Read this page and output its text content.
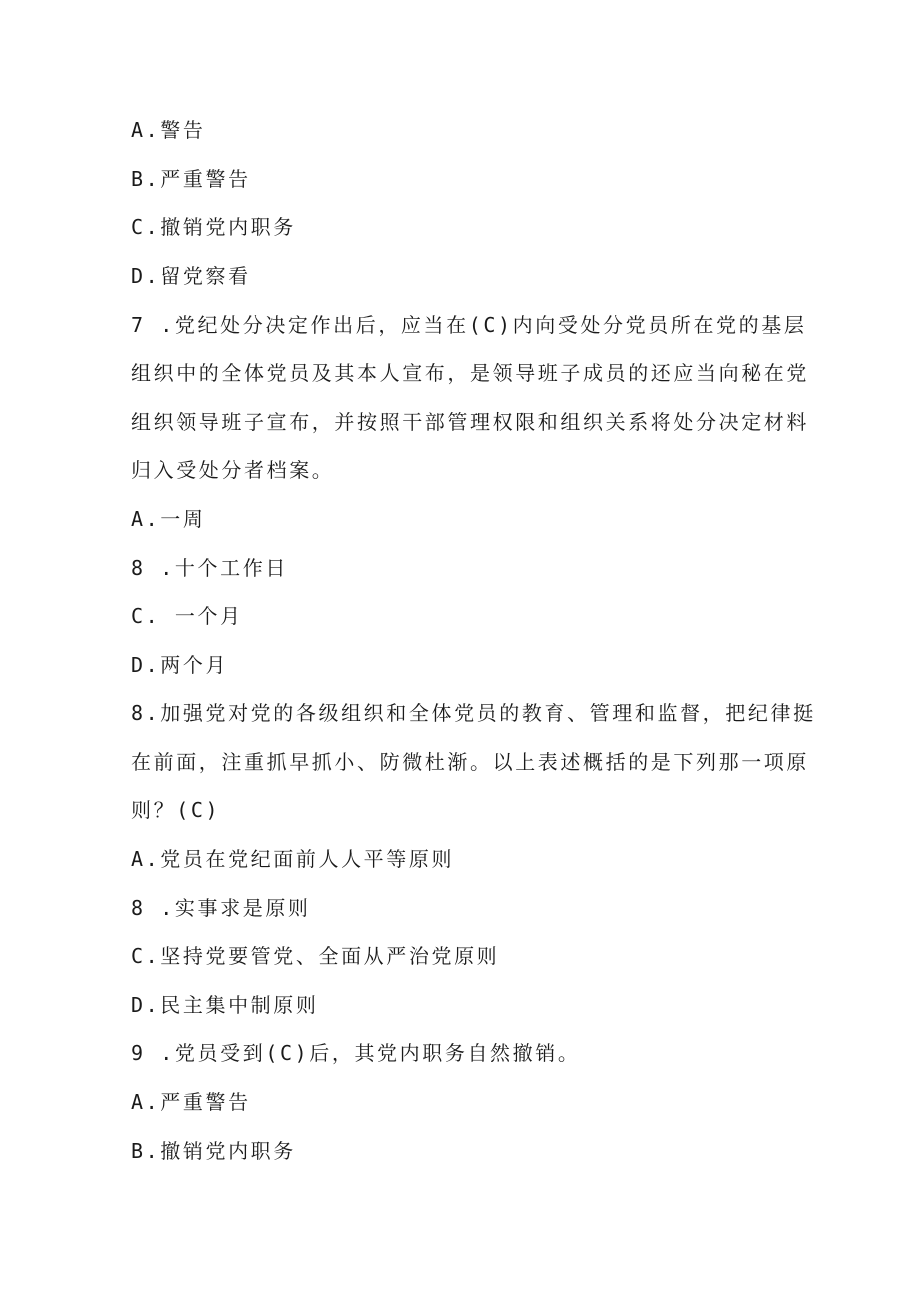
A.警告
B.严重警告
C.撤销党内职务
D.留党察看
7 .党纪处分决定作出后，应当在(C)内向受处分党员所在党的基层
组织中的全体党员及其本人宣布，是领导班子成员的还应当向秘在党
组织领导班子宣布，并按照干部管理权限和组织关系将处分决定材料
归入受处分者档案。
A.一周
8 .十个工作日
C. 一个月
D.两个月
8.加强党对党的各级组织和全体党员的教育、管理和监督，把纪律挺
在前面，注重抓早抓小、防微杜渐。以上表述概括的是下列那一项原
则？(C)
A.党员在党纪面前人人平等原则
8 .实事求是原则
C.坚持党要管党、全面从严治党原则
D.民主集中制原则
9 .党员受到(C)后，其党内职务自然撤销。
A.严重警告
B.撤销党内职务
